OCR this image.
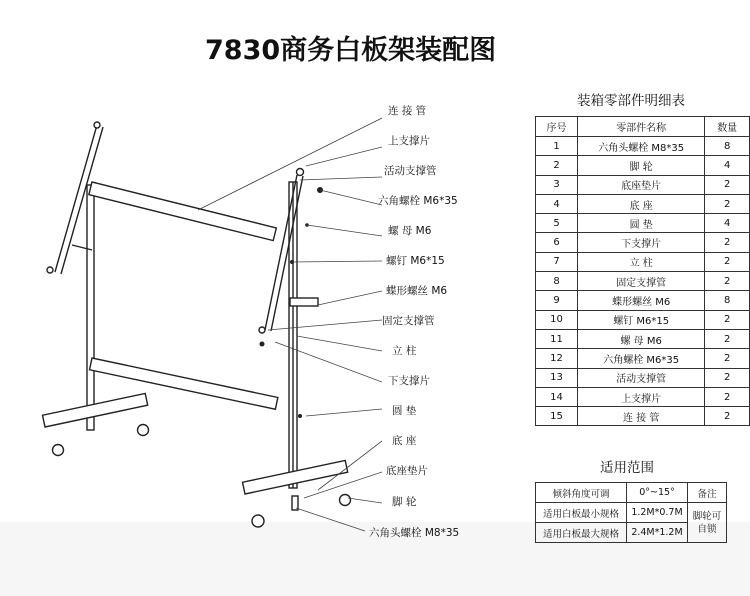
7830商务白板架装配图
连 接 管
上支撑片
活动支撑管
六角螺栓 M6*35
螺 母 M6
螺钉 M6*15
蝶形螺丝 M6
固定支撑管
立 柱
下支撑片
圆 垫
底 座
底座垫片
脚 轮
六角头螺栓 M8*35
装箱零部件明细表
序号	零部件名称	数量
1	六角头螺栓 M8*35	8
2	脚 轮	4
3	底座垫片	2
4	底 座	2
5	圆 垫	4
6	下支撑片	2
7	立 柱	2
8	固定支撑管	2
9	蝶形螺丝 M6	8
10	螺钉 M6*15	2
11	螺 母 M6	2
12	六角螺栓 M6*35	2
13	活动支撑管	2
14	上支撑片	2
15	连 接 管	2
适用范围
倾斜角度可调	0°~15°	备注
适用白板最小规格	1.2M*0.7M	脚轮可自锁
适用白板最大规格	2.4M*1.2M	
